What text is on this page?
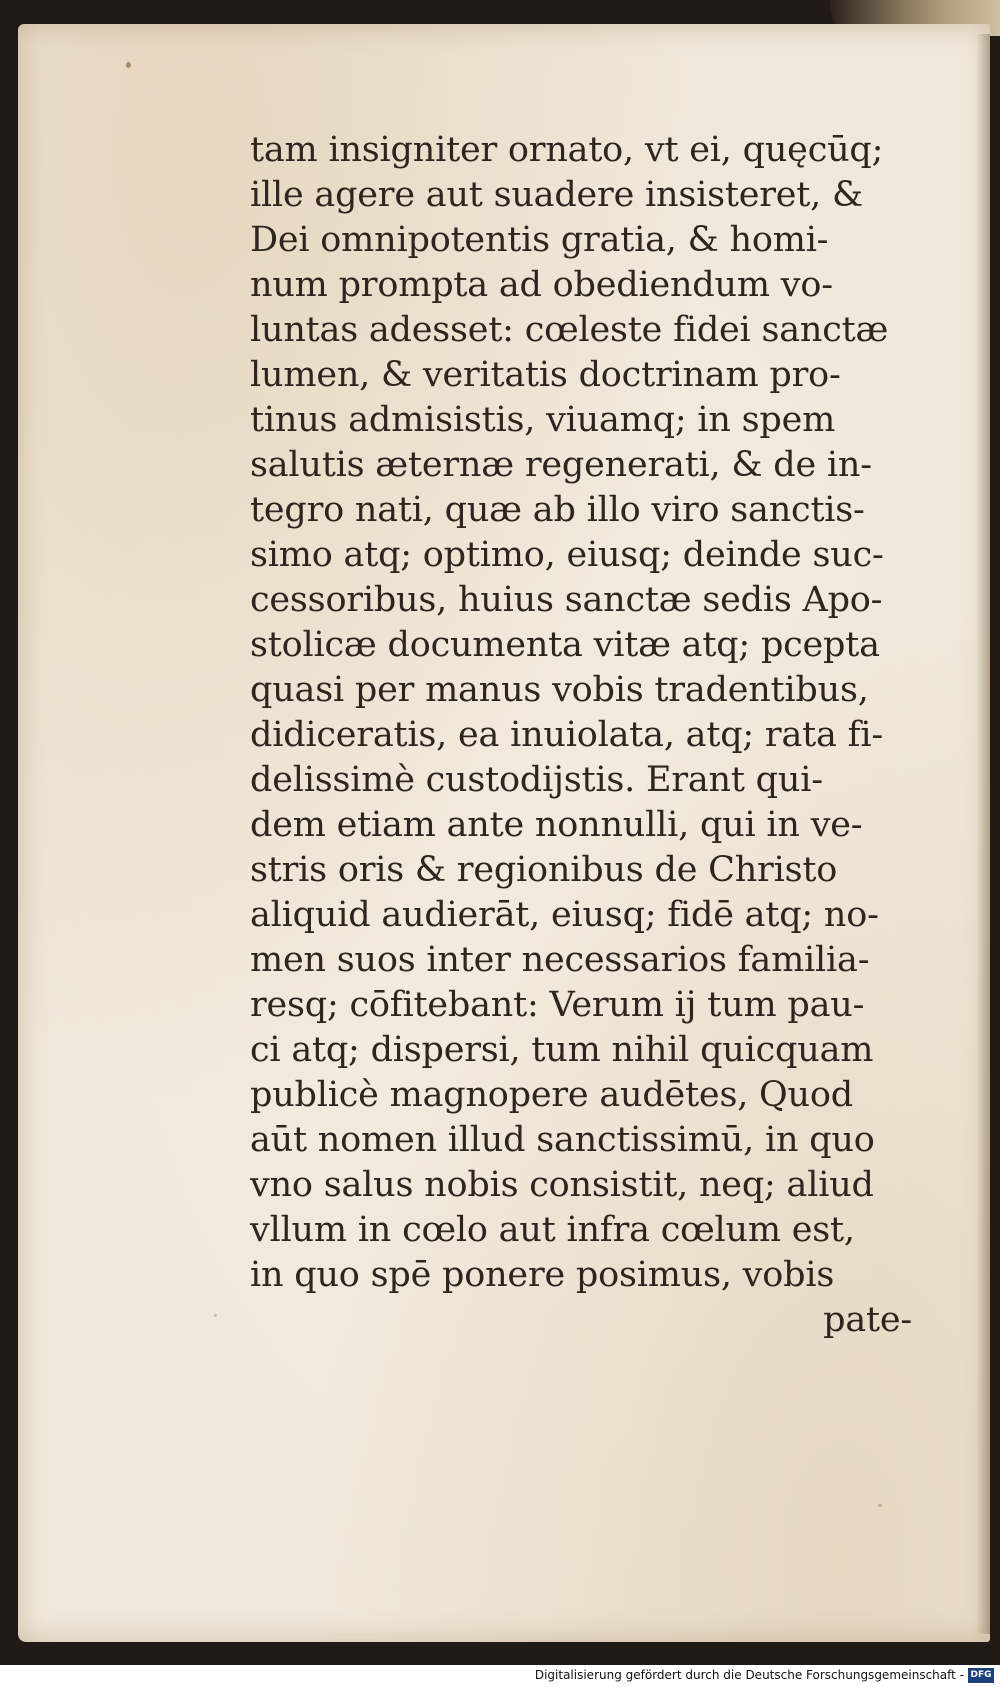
tam insigniter ornato, vt ei, quęcūq;
ille agere aut suadere insisteret, &
Dei omnipotentis gratia, & homi-
num prompta ad obediendum vo-
luntas adesset: cœleste fidei sanctæ
lumen, & veritatis doctrinam pro-
tinus admisistis, viuamq; in spem
salutis æternæ regenerati, & de in-
tegro nati, quæ ab illo viro sanctis-
simo atq; optimo, eiusq; deinde suc-
cessoribus, huius sanctæ sedis Apo-
stolicæ documenta vitæ atq; pcepta
quasi per manus vobis tradentibus,
didiceratis, ea inuiolata, atq; rata fi-
delissimè custodijstis. Erant qui-
dem etiam ante nonnulli, qui in ve-
stris oris & regionibus de Christo
aliquid audierāt, eiusq; fidē atq; no-
men suos inter necessarios familia-
resq; cōfitebant: Verum ij tum pau-
ci atq; dispersi, tum nihil quicquam
publicè magnopere audētes, Quod
aūt nomen illud sanctissimū, in quo
vno salus nobis consistit, neq; aliud
vllum in cœlo aut infra cœlum est,
in quo spē ponere posimus, vobis
pate-
Digitalisierung gefördert durch die Deutsche Forschungsgemeinschaft - DFG
